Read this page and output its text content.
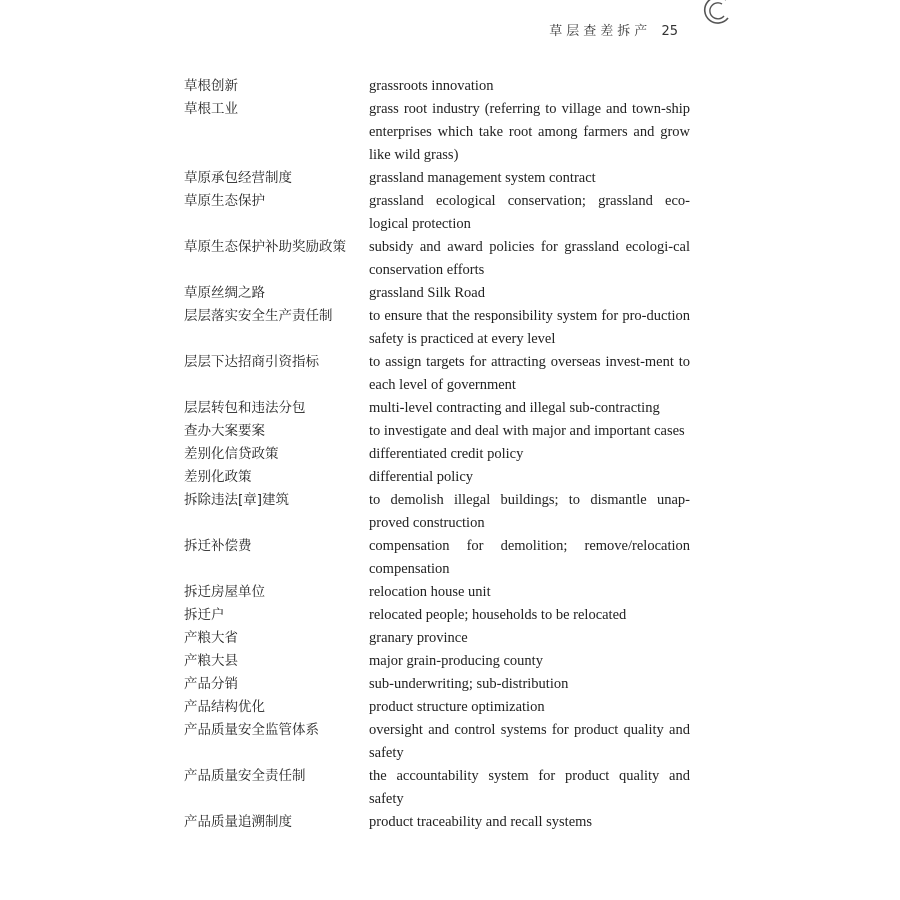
草层查差拆产 25
草根创新	grassroots innovation
草根工业	grass root industry (referring to village and town-ship enterprises which take root among farmers and grow like wild grass)
草原承包经营制度	grassland management system contract
草原生态保护	grassland ecological conservation; grassland eco-logical protection
草原生态保护补助奖励政策	subsidy and award policies for grassland ecologi-cal conservation efforts
草原丝绸之路	grassland Silk Road
层层落实安全生产责任制	to ensure that the responsibility system for pro-duction safety is practiced at every level
层层下达招商引资指标	to assign targets for attracting overseas invest-ment to each level of government
层层转包和违法分包	multi-level contracting and illegal sub-contracting
查办大案要案	to investigate and deal with major and important cases
差别化信贷政策	differentiated credit policy
差别化政策	differential policy
拆除违法[章]建筑	to demolish illegal buildings; to dismantle unap-proved construction
拆迁补偿费	compensation for demolition; remove/relocation compensation
拆迁房屋单位	relocation house unit
拆迁户	relocated people; households to be relocated
产粮大省	granary province
产粮大县	major grain-producing county
产品分销	sub-underwriting; sub-distribution
产品结构优化	product structure optimization
产品质量安全监管体系	oversight and control systems for product quality and safety
产品质量安全责任制	the accountability system for product quality and safety
产品质量追溯制度	product traceability and recall systems
